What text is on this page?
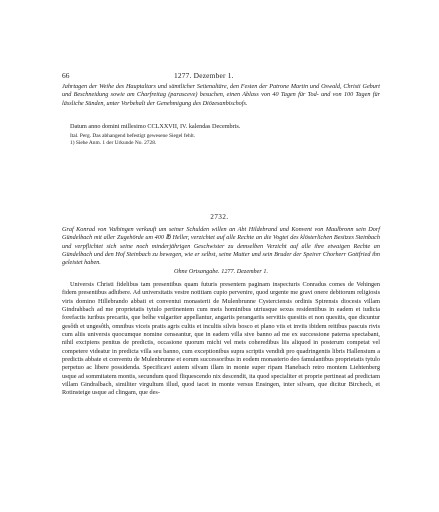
66	1277. Dezember 1.
Jahrtagen der Weihe des Hauptaltars und sämtlicher Seitenaltäre, den Festen der Patrone Martin und Oswald, Christi Geburt und Beschneidung sowie am Charfreitag (parasceve) besuchen, einen Ablass von 40 Tagen für Tod- und von 100 Tagen für lässliche Sünden, unter Vorbehalt der Genehmigung des Diözesanbischofs.
Datum anno domini millesimo CCLXXVII, IV. kalendas Decembris.
Ital. Perg. Das abhangend befestigt gewesene Siegel fehlt.
1) Siehe Anm. 1 der Urkunde No. 2728.
2732.
Graf Konrad von Vaihingen verkauft um seiner Schulden willen an Abt Hildebrand und Konvent von Maulbronn sein Dorf Gündelbach mit aller Zugehörde um 400 ℔ Heller, verzichtet auf alle Rechte an die Vogtei des klösterlichen Besitzes Steinbach und verpflichtet sich seine noch minderjährigen Geschwister zu demselben Verzicht auf alle ihre etwaigen Rechte an Gündelbach und den Hof Steinbach zu bewegen, wie er selbst, seine Mutter und sein Bruder der Speirer Chorherr Gottfried ihn geleistet haben.
Ohne Ortsangabe. 1277. Dezember 1.

Universis Christi fidelibus tam presentibus quam futuris presentem paginam inspecturis Conradus comes de Vehingen fidem presentibus adhibere. Ad universitatis vestre notitiam cupio pervenire, quod urgente me gravi onere debitorum religiosis viris domino Hillebrando abbati et conventui monasterii de Mulenbrunne Cysterciensis ordinis Spirensis diocesis villam Gindrahbach ad me proprietatis tytulo pertinentem cum meis hominibus utriusque sexus residentibus in eadem et iudicia forefactis iuribus precariis, que belhe vulgariter appellantur, angariis perangariis servitiis quesitis et non quesitis, que dicuntur gesôth et ungesôth, omnibus viceis pratis agris cultis et incultis silvis bosco et plano viis et inviis ibidem reitibus pascuis rivis cum aliis universis quocumque nomine censeantur, que in eadem villa sive banno ad me ex successione paterna spectabant, nihil excipiens penitus de predictis, occasione quorum michi vel meis coheredibus liis aliquod in posterum competat vel competere videatur in predicta villa seu banno, cum exceptionibus supra scriptis vendidi pro quadringentis libris Hallensium a predictis abbate et conventu de Mulenbrunne et eorum successoribus in eodem monasterio deo famulantibus proprietatis tytulo perpetuo ac libere possidenda. Specificavi autem silvam illam in monte super ripam Hanebach retro montem Liehtenberg usque ad sommitatem montis, secundum quod fliquescendo nix descendit, ita quod specialiter et proprie pertineat ad predictam villam Gindralbach, similiter virgultum illud, quod iacet in monte versus Ensingen, inter silvam, que dicitur Birchech, et Rotinsteige usque ad clingam, que des-
